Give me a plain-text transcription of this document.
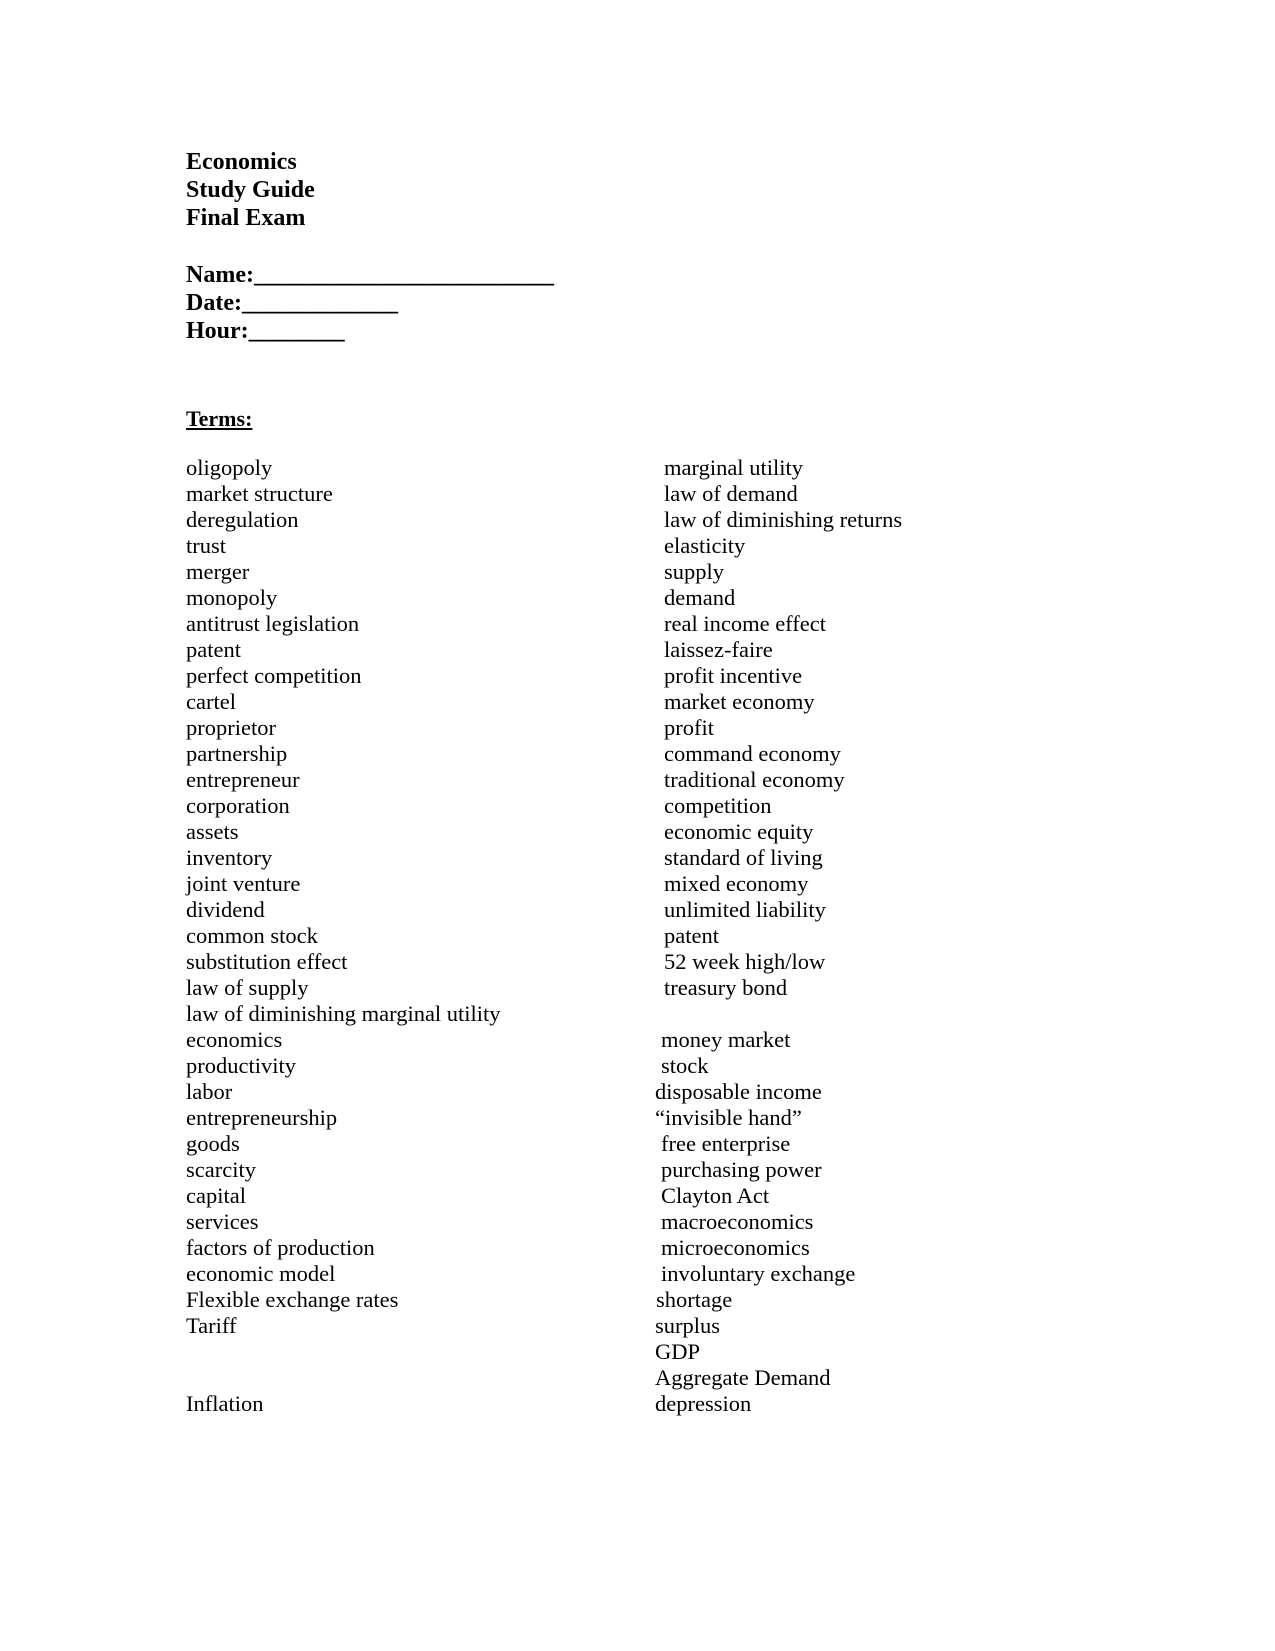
Economics
Study Guide
Final Exam
Name:_________________________
Date:_____________
Hour:________
Terms:
oligopoly
market structure
deregulation
trust
merger
monopoly
antitrust legislation
patent
perfect competition
cartel
proprietor
partnership
entrepreneur
corporation
assets
inventory
joint venture
dividend
common stock
substitution effect
law of supply
law of diminishing marginal utility
economics
productivity
labor
entrepreneurship
goods
scarcity
capital
services
factors of production
economic model
Flexible exchange rates
Tariff
Inflation
marginal utility
law of demand
law of diminishing returns
elasticity
supply
demand
real income effect
laissez-faire
profit incentive
market economy
profit
command economy
traditional economy
competition
economic equity
standard of living
mixed economy
unlimited liability
patent
52 week high/low
treasury bond
money market
stock
disposable income
“invisible hand”
free enterprise
purchasing power
Clayton Act
macroeconomics
microeconomics
involuntary exchange
shortage
surplus
GDP
Aggregate Demand
depression
